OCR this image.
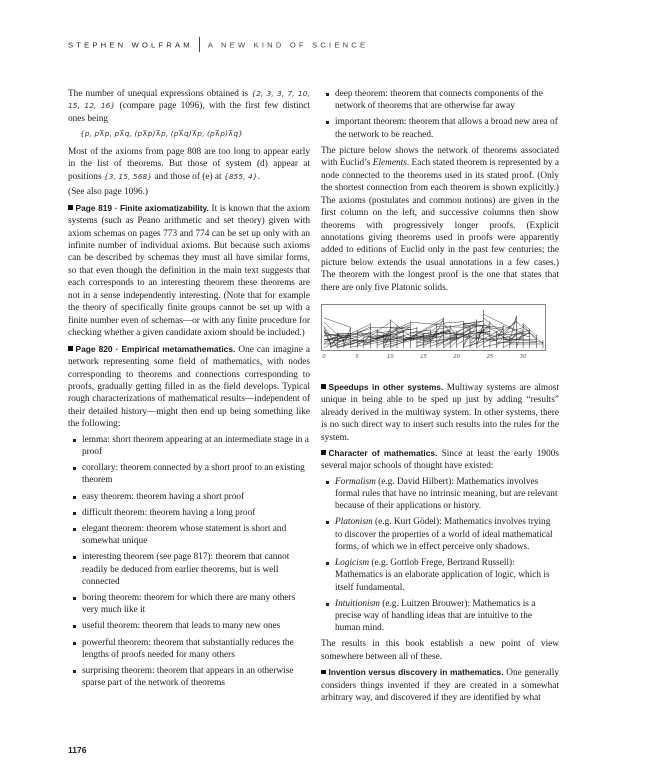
STEPHEN WOLFRAM A NEW KIND OF SCIENCE

The number of unequal expressions obtained is {2, 3, 3, 7, 10, 15, 12, 16} (compare page 1096), with the first few distinct ones being

{p, p⊼p, p⊼q, (p⊼p)⊼p, (p⊼q)⊼p, (p⊼p)⊼q}

Most of the axioms from page 808 are too long to appear early in the list of theorems. But those of system (d) appear at positions {3, 15, 568} and those of (e) at {855, 4}.

(See also page 1096.)

Page 819 · Finite axiomatizability. It is known that the axiom systems (such as Peano arithmetic and set theory) given with axiom schemas on pages 773 and 774 can be set up only with an infinite number of individual axioms. But because such axioms can be described by schemas they must all have similar forms, so that even though the definition in the main text suggests that each corresponds to an interesting theorem these theorems are not in a sense independently interesting. (Note that for example the theory of specifically finite groups cannot be set up with a finite number even of schemas—or with any finite procedure for checking whether a given candidate axiom should be included.)

Page 820 · Empirical metamathematics. One can imagine a network representing some field of mathematics, with nodes corresponding to theorems and connections corresponding to proofs, gradually getting filled in as the field develops. Typical rough characterizations of mathematical results—independent of their detailed history—might then end up being something like the following:

lemma: short theorem appearing at an intermediate stage in a proof
corollary: theorem connected by a short proof to an existing theorem
easy theorem: theorem having a short proof
difficult theorem: theorem having a long proof
elegant theorem: theorem whose statement is short and somewhat unique
interesting theorem (see page 817): theorem that cannot readily be deduced from earlier theorems, but is well connected
boring theorem: theorem for which there are many others very much like it
useful theorem: theorem that leads to many new ones
powerful theorem: theorem that substantially reduces the lengths of proofs needed for many others
surprising theorem: theorem that appears in an otherwise sparse part of the network of theorems
deep theorem: theorem that connects components of the network of theorems that are otherwise far away
important theorem: theorem that allows a broad new area of the network to be reached.

The picture below shows the network of theorems associated with Euclid’s Elements. Each stated theorem is represented by a node connected to the theorems used in its stated proof. (Only the shortest connection from each theorem is shown explicitly.) The axioms (postulates and common notions) are given in the first column on the left, and successive columns then show theorems with progressively longer proofs. (Explicit annotations giving theorems used in proofs were apparently added to editions of Euclid only in the past few centuries; the picture below extends the usual annotations in a few cases.) The theorem with the longest proof is the one that states that there are only five Platonic solids.

0	5	10	15	20	25	30

Speedups in other systems. Multiway systems are almost unique in being able to be sped up just by adding “results” already derived in the multiway system. In other systems, there is no such direct way to insert such results into the rules for the system.

Character of mathematics. Since at least the early 1900s several major schools of thought have existed:

Formalism (e.g. David Hilbert): Mathematics involves formal rules that have no intrinsic meaning, but are relevant because of their applications or history.
Platonism (e.g. Kurt Gödel): Mathematics involves trying to discover the properties of a world of ideal mathematical forms, of which we in effect perceive only shadows.
Logicism (e.g. Gottlob Frege, Bertrand Russell): Mathematics is an elaborate application of logic, which is itself fundamental.
Intuitionism (e.g. Luitzen Brouwer): Mathematics is a precise way of handling ideas that are intuitive to the human mind.

The results in this book establish a new point of view somewhere between all of these.

Invention versus discovery in mathematics. One generally considers things invented if they are created in a somewhat arbitrary way, and discovered if they are identified by what

1176
